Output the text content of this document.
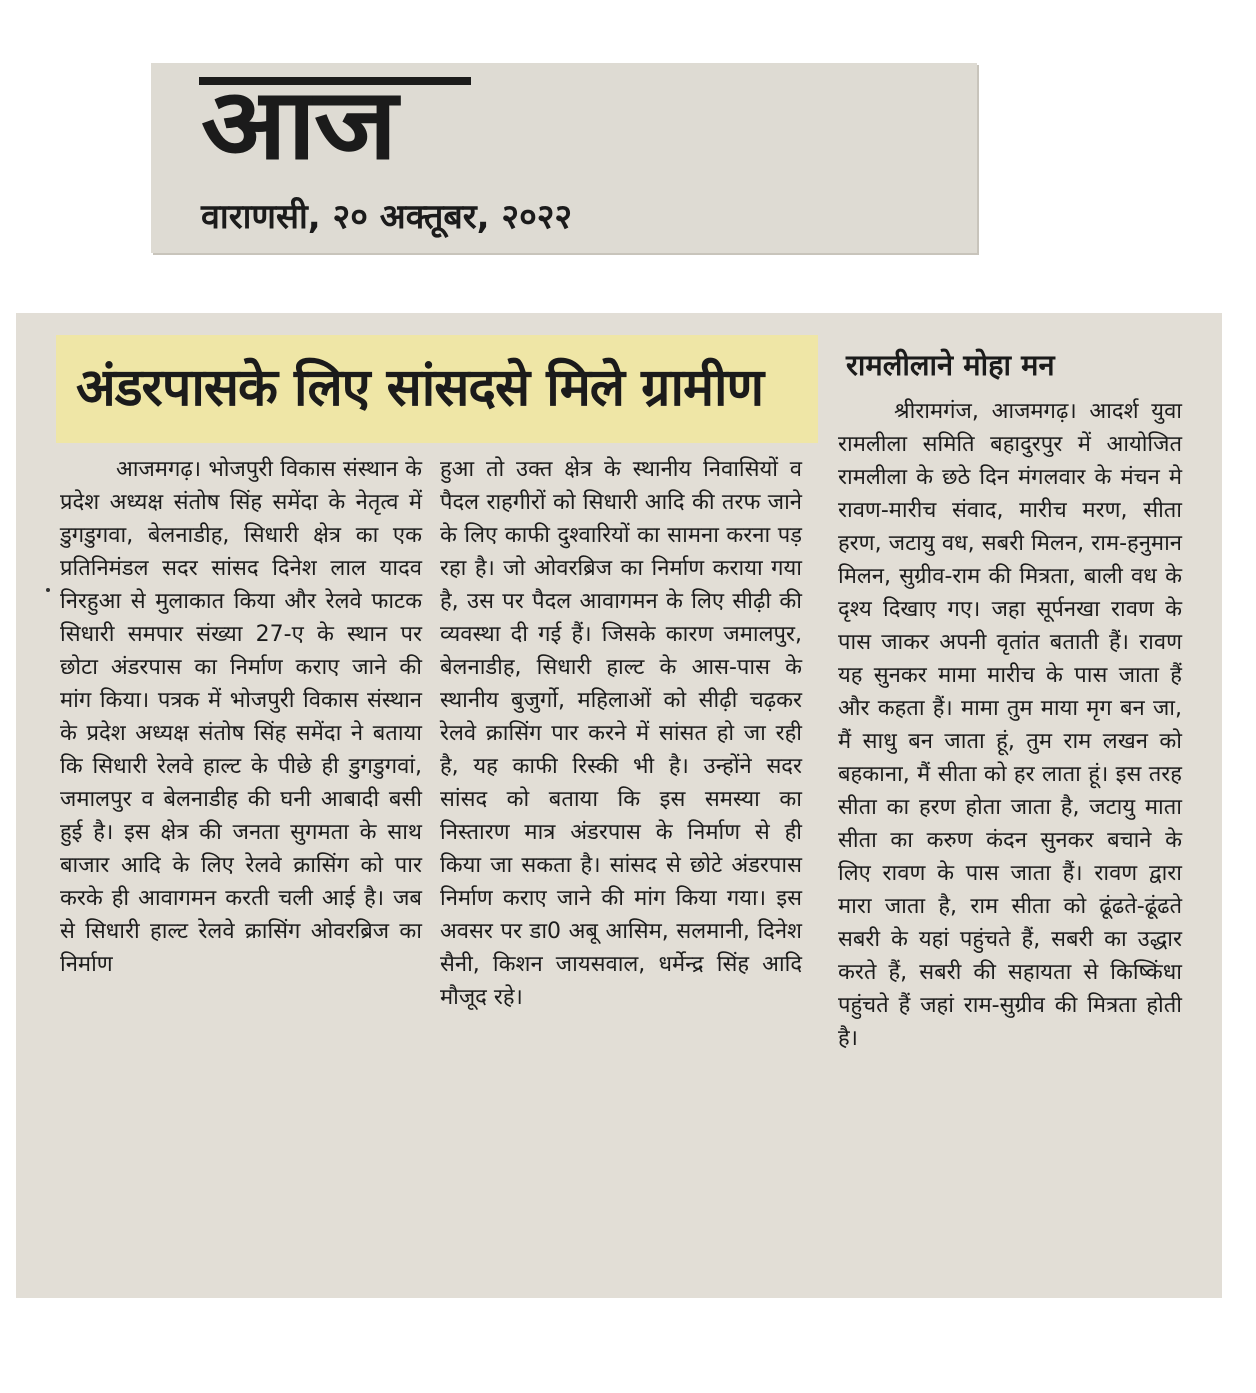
आज
वाराणसी, २० अक्तूबर, २०२२
अंडरपासके लिए सांसदसे मिले ग्रामीण
आजमगढ़। भोजपुरी विकास संस्थान के प्रदेश अध्यक्ष संतोष सिंह समेंदा के नेतृत्व में डुगडुगवा, बेलनाडीह, सिधारी क्षेत्र का एक प्रतिनिमंडल सदर सांसद दिनेश लाल यादव निरहुआ से मुलाकात किया और रेलवे फाटक सिधारी समपार संख्या 27-ए के स्थान पर छोटा अंडरपास का निर्माण कराए जाने की मांग किया। पत्रक में भोजपुरी विकास संस्थान के प्रदेश अध्यक्ष संतोष सिंह समेंदा ने बताया कि सिधारी रेलवे हाल्ट के पीछे ही डुगडुगवां, जमालपुर व बेलनाडीह की घनी आबादी बसी हुई है। इस क्षेत्र की जनता सुगमता के साथ बाजार आदि के लिए रेलवे क्रासिंग को पार करके ही आवागमन करती चली आई है। जब से सिधारी हाल्ट रेलवे क्रासिंग ओवरब्रिज का निर्माण
हुआ तो उक्त क्षेत्र के स्थानीय निवासियों व पैदल राहगीरों को सिधारी आदि की तरफ जाने के लिए काफी दुश्वारियों का सामना करना पड़ रहा है। जो ओवरब्रिज का निर्माण कराया गया है, उस पर पैदल आवागमन के लिए सीढ़ी की व्यवस्था दी गई हैं। जिसके कारण जमालपुर, बेलनाडीह, सिधारी हाल्ट के आस-पास के स्थानीय बुजुर्गो, महिलाओं को सीढ़ी चढ़कर रेलवे क्रासिंग पार करने में सांसत हो जा रही है, यह काफी रिस्की भी है। उन्होंने सदर सांसद को बताया कि इस समस्या का निस्तारण मात्र अंडरपास के निर्माण से ही किया जा सकता है। सांसद से छोटे अंडरपास निर्माण कराए जाने की मांग किया गया। इस अवसर पर डा0 अबू आसिम, सलमानी, दिनेश सैनी, किशन जायसवाल, धर्मेन्द्र सिंह आदि मौजूद रहे।
रामलीलाने मोहा मन
श्रीरामगंज, आजमगढ़। आदर्श युवा रामलीला समिति बहादुरपुर में आयोजित रामलीला के छठे दिन मंगलवार के मंचन मे रावण-मारीच संवाद, मारीच मरण, सीता हरण, जटायु वध, सबरी मिलन, राम-हनुमान मिलन, सुग्रीव-राम की मित्रता, बाली वध के दृश्य दिखाए गए। जहा सूर्पनखा रावण के पास जाकर अपनी वृतांत बताती हैं। रावण यह सुनकर मामा मारीच के पास जाता हैं और कहता हैं। मामा तुम माया मृग बन जा, मैं साधु बन जाता हूं, तुम राम लखन को बहकाना, मैं सीता को हर लाता हूं। इस तरह सीता का हरण होता जाता है, जटायु माता सीता का करुण कंदन सुनकर बचाने के लिए रावण के पास जाता हैं। रावण द्वारा मारा जाता है, राम सीता को ढूंढते-ढूंढते सबरी के यहां पहुंचते हैं, सबरी का उद्धार करते हैं, सबरी की सहायता से किष्किंधा पहुंचते हैं जहां राम-सुग्रीव की मित्रता होती है।
